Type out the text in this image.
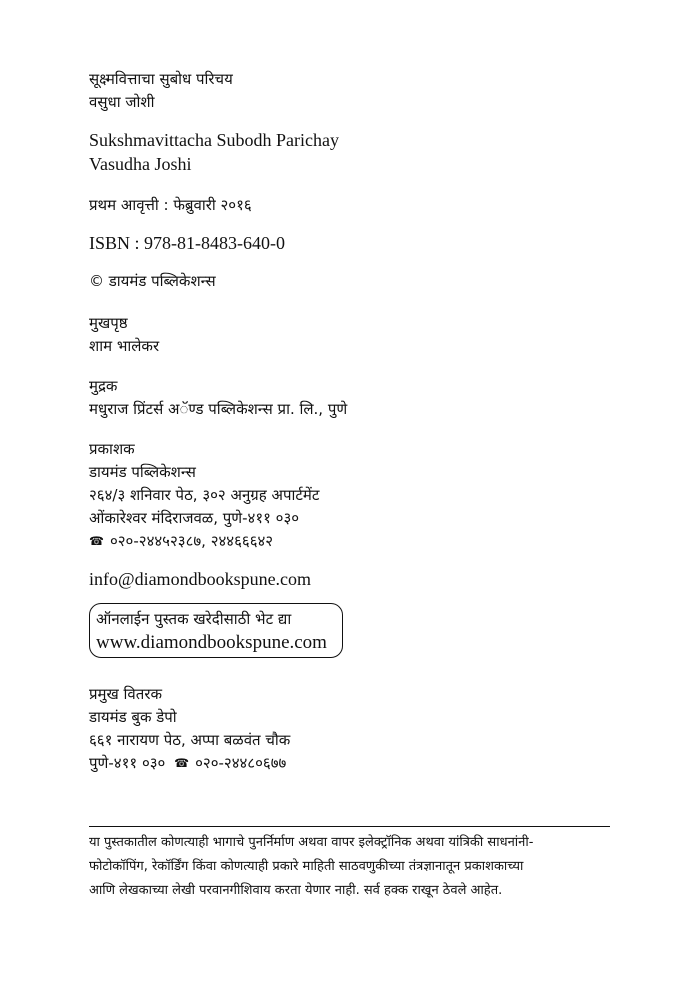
सूक्ष्मवित्ताचा सुबोध परिचय
वसुधा जोशी
Sukshmavittacha Subodh Parichay
Vasudha Joshi
प्रथम आवृत्ती : फेब्रुवारी २०१६
ISBN : 978-81-8483-640-0
© डायमंड पब्लिकेशन्स
मुखपृष्ठ
शाम भालेकर
मुद्रक
मधुराज प्रिंटर्स अॅण्ड पब्लिकेशन्स प्रा. लि., पुणे
प्रकाशक
डायमंड पब्लिकेशन्स
२६४/३ शनिवार पेठ, ३०२ अनुग्रह अपार्टमेंट
ओंकारेश्वर मंदिराजवळ, पुणे-४११ ०३०
☎ ०२०-२४४५२३८७, २४४६६६४२
info@diamondbookspune.com
ऑनलाईन पुस्तक खरेदीसाठी भेट द्या
www.diamondbookspune.com
प्रमुख वितरक
डायमंड बुक डेपो
६६१ नारायण पेठ, अप्पा बळवंत चौक
पुणे-४११ ०३० ☎ ०२०-२४४८०६७७
या पुस्तकातील कोणत्याही भागाचे पुनर्निर्माण अथवा वापर इलेक्ट्रॉनिक अथवा यांत्रिकी साधनांनी-
फोटोकॉपिंग, रेकॉर्डिंग किंवा कोणत्याही प्रकारे माहिती साठवणुकीच्या तंत्रज्ञानातून प्रकाशकाच्या
आणि लेखकाच्या लेखी परवानगीशिवाय करता येणार नाही. सर्व हक्क राखून ठेवले आहेत.
